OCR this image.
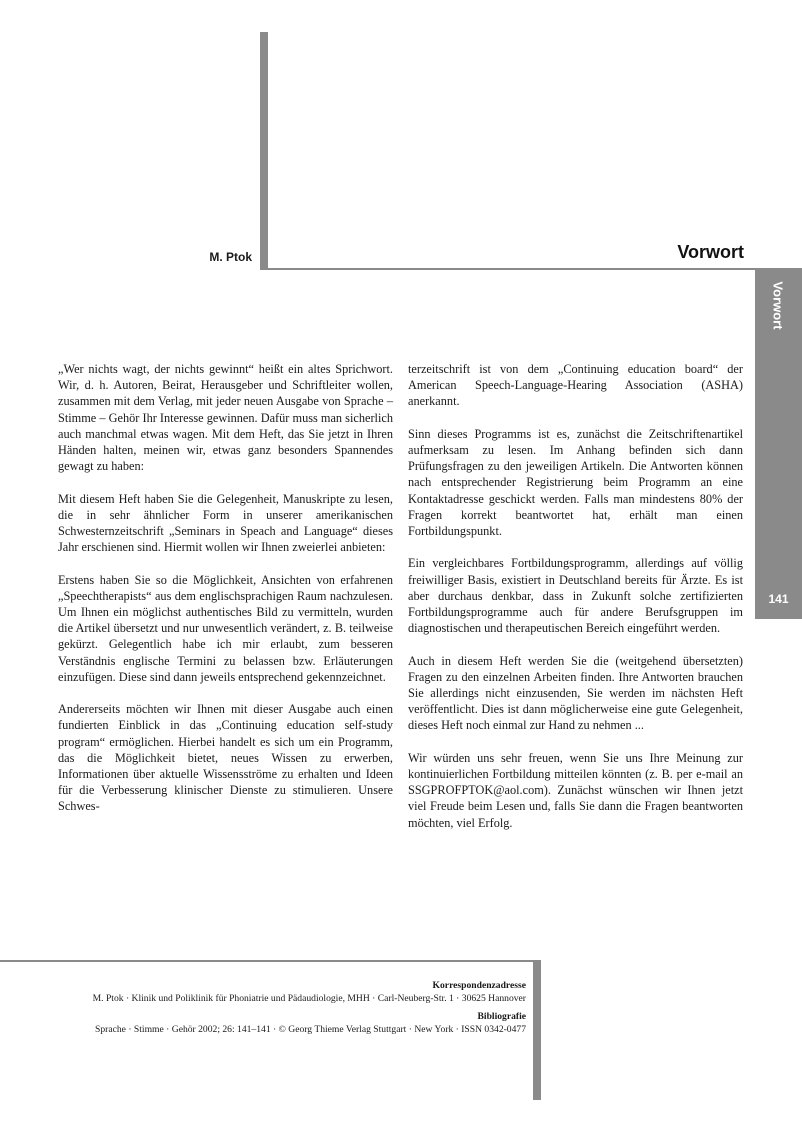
M. Ptok	Vorwort
Vorwort
141

„Wer nichts wagt, der nichts gewinnt“ heißt ein altes Sprichwort. Wir, d. h. Autoren, Beirat, Herausgeber und Schriftleiter wollen, zusammen mit dem Verlag, mit jeder neuen Ausgabe von Sprache – Stimme – Gehör Ihr Interesse gewinnen. Dafür muss man sicherlich auch manchmal etwas wagen. Mit dem Heft, das Sie jetzt in Ihren Händen halten, meinen wir, etwas ganz besonders Spannendes gewagt zu haben:

Mit diesem Heft haben Sie die Gelegenheit, Manuskripte zu lesen, die in sehr ähnlicher Form in unserer amerikanischen Schwesternzeitschrift „Seminars in Speach and Language“ dieses Jahr erschienen sind. Hiermit wollen wir Ihnen zweierlei anbieten:

Erstens haben Sie so die Möglichkeit, Ansichten von erfahrenen „Speechtherapists“ aus dem englischsprachigen Raum nachzulesen. Um Ihnen ein möglichst authentisches Bild zu vermitteln, wurden die Artikel übersetzt und nur unwesentlich verändert, z. B. teilweise gekürzt. Gelegentlich habe ich mir erlaubt, zum besseren Verständnis englische Termini zu belassen bzw. Erläuterungen einzufügen. Diese sind dann jeweils entsprechend gekennzeichnet.

Andererseits möchten wir Ihnen mit dieser Ausgabe auch einen fundierten Einblick in das „Continuing education self-study program“ ermöglichen. Hierbei handelt es sich um ein Programm, das die Möglichkeit bietet, neues Wissen zu erwerben, Informationen über aktuelle Wissensströme zu erhalten und Ideen für die Verbesserung klinischer Dienste zu stimulieren. Unsere Schwes-

terzeitschrift ist von dem „Continuing education board“ der American Speech-Language-Hearing Association (ASHA) anerkannt.

Sinn dieses Programms ist es, zunächst die Zeitschriftenartikel aufmerksam zu lesen. Im Anhang befinden sich dann Prüfungsfragen zu den jeweiligen Artikeln. Die Antworten können nach entsprechender Registrierung beim Programm an eine Kontaktadresse geschickt werden. Falls man mindestens 80% der Fragen korrekt beantwortet hat, erhält man einen Fortbildungspunkt.

Ein vergleichbares Fortbildungsprogramm, allerdings auf völlig freiwilliger Basis, existiert in Deutschland bereits für Ärzte. Es ist aber durchaus denkbar, dass in Zukunft solche zertifizierten Fortbildungsprogramme auch für andere Berufsgruppen im diagnostischen und therapeutischen Bereich eingeführt werden.

Auch in diesem Heft werden Sie die (weitgehend übersetzten) Fragen zu den einzelnen Arbeiten finden. Ihre Antworten brauchen Sie allerdings nicht einzusenden, Sie werden im nächsten Heft veröffentlicht. Dies ist dann möglicherweise eine gute Gelegenheit, dieses Heft noch einmal zur Hand zu nehmen ...

Wir würden uns sehr freuen, wenn Sie uns Ihre Meinung zur kontinuierlichen Fortbildung mitteilen könnten (z. B. per e-mail an SSGPROFPTOK@aol.com). Zunächst wünschen wir Ihnen jetzt viel Freude beim Lesen und, falls Sie dann die Fragen beantworten möchten, viel Erfolg.

Korrespondenzadresse
M. Ptok · Klinik und Poliklinik für Phoniatrie und Pädaudiologie, MHH · Carl-Neuberg-Str. 1 · 30625 Hannover
Bibliografie
Sprache · Stimme · Gehör 2002; 26: 141–141 · © Georg Thieme Verlag Stuttgart · New York · ISSN 0342-0477
